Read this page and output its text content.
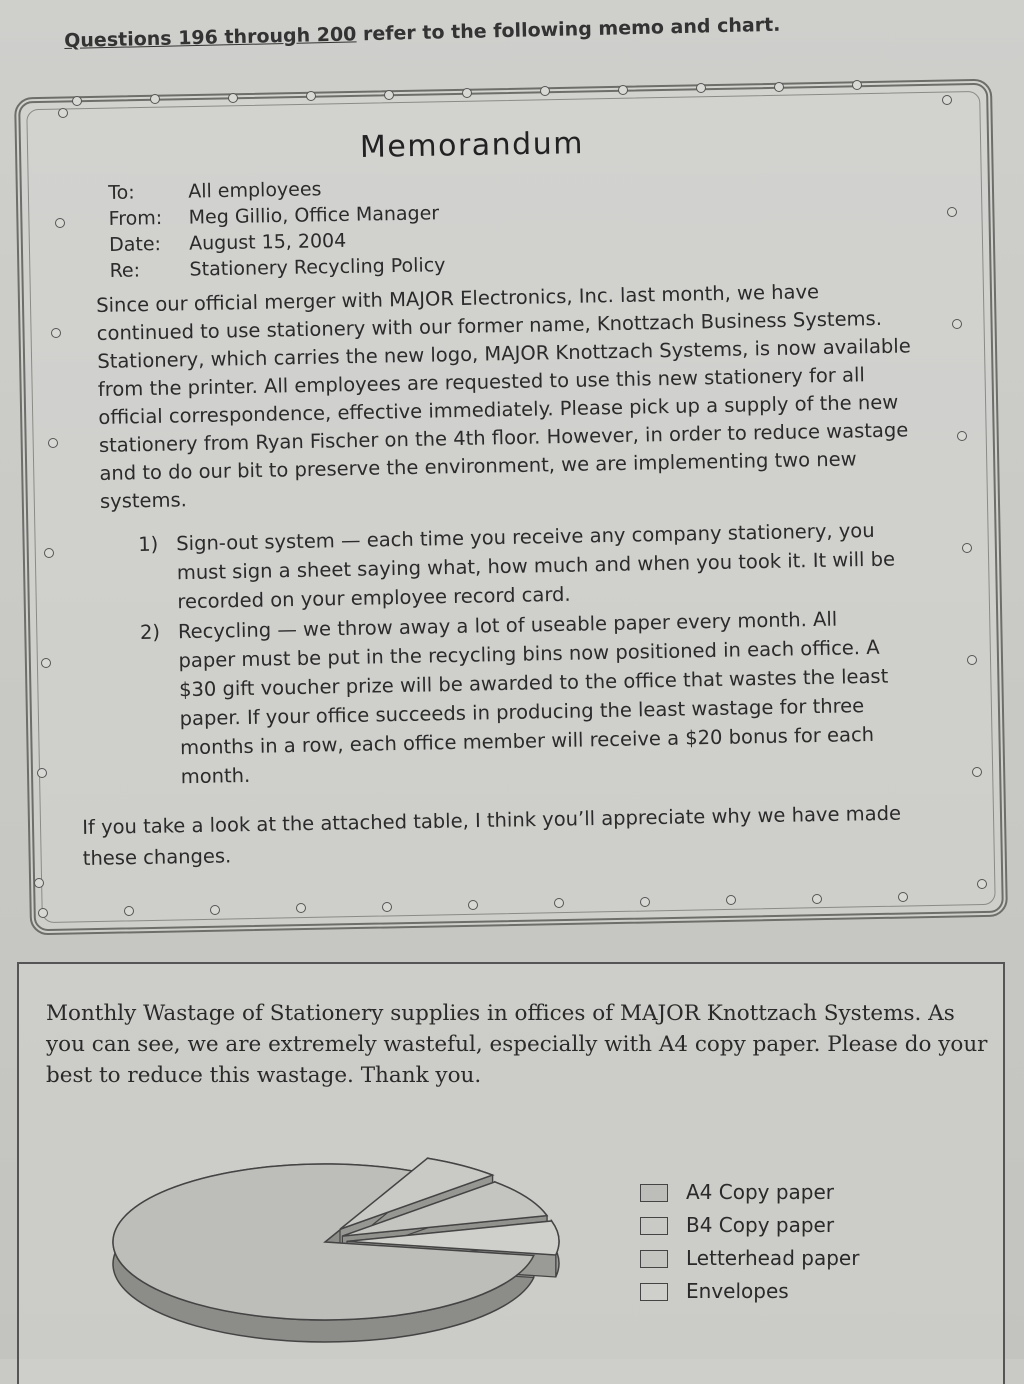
Questions 196 through 200 refer to the following memo and chart.
Memorandum
To:	All employees
From:	Meg Gillio, Office Manager
Date:	August 15, 2004
Re:	Stationery Recycling Policy

Since our official merger with MAJOR Electronics, Inc. last month, we have continued to use stationery with our former name, Knottzach Business Systems. Stationery, which carries the new logo, MAJOR Knottzach Systems, is now available from the printer. All employees are requested to use this new stationery for all official correspondence, effective immediately. Please pick up a supply of the new stationery from Ryan Fischer on the 4th floor. However, in order to reduce wastage and to do our bit to preserve the environment, we are implementing two new systems.

1) Sign-out system — each time you receive any company stationery, you must sign a sheet saying what, how much and when you took it. It will be recorded on your employee record card.
2) Recycling — we throw away a lot of useable paper every month. All paper must be put in the recycling bins now positioned in each office. A $30 gift voucher prize will be awarded to the office that wastes the least paper. If your office succeeds in producing the least wastage for three months in a row, each office member will receive a $20 bonus for each month.
If you take a look at the attached table, I think you’ll appreciate why we have made these changes.
Monthly Wastage of Stationery supplies in offices of MAJOR Knottzach Systems. As you can see, we are extremely wasteful, especially with A4 copy paper. Please do your best to reduce this wastage. Thank you.
A4 Copy paper
B4 Copy paper
Letterhead paper
Envelopes
